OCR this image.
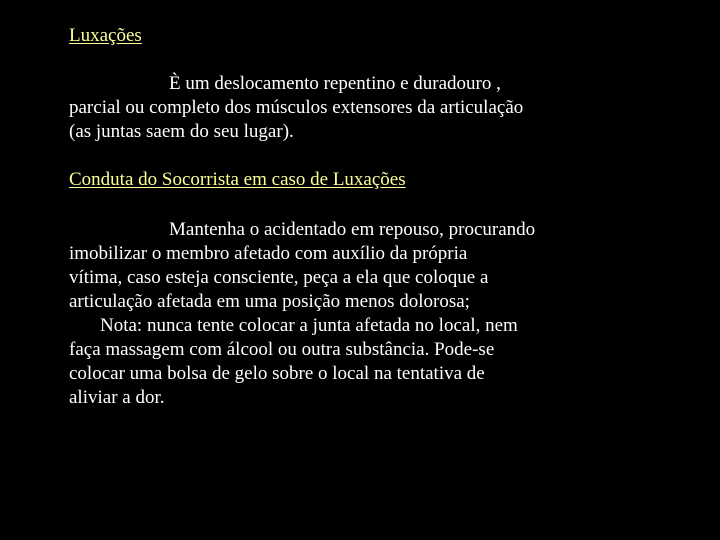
Luxações
È um deslocamento repentino e duradouro ,
parcial ou completo dos músculos extensores da articulação
(as juntas saem do seu lugar).
Conduta do Socorrista em caso de Luxações
Mantenha o acidentado em repouso, procurando
imobilizar o membro afetado com auxílio da própria
vítima, caso esteja consciente, peça a ela que coloque a
articulação afetada em uma posição menos dolorosa;
Nota: nunca tente colocar a junta afetada no local, nem
faça massagem com álcool ou outra substância. Pode-se
colocar uma bolsa de gelo sobre o local na tentativa de
aliviar a dor.
